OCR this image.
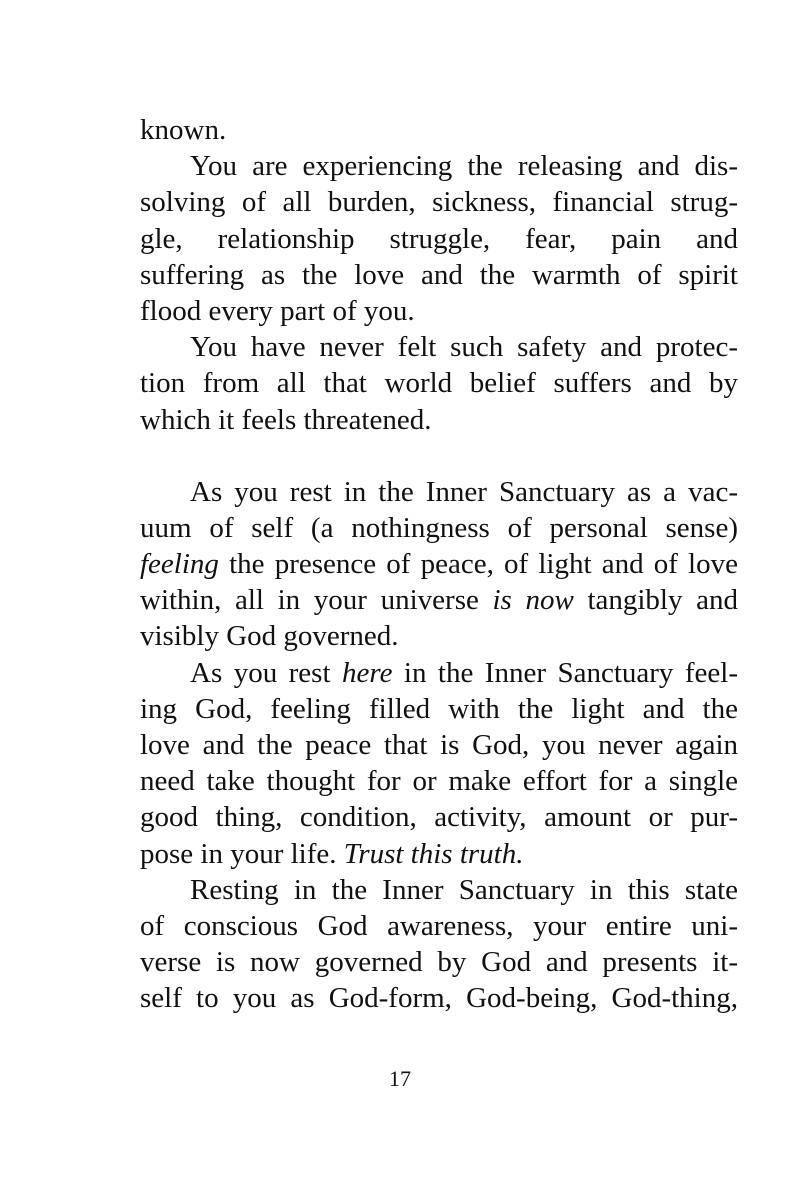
known.
You are experiencing the releasing and dis-
solving of all burden, sickness, financial strug-
gle, relationship struggle, fear, pain and
suffering as the love and the warmth of spirit
flood every part of you.
You have never felt such safety and protec-
tion from all that world belief suffers and by
which it feels threatened.
As you rest in the Inner Sanctuary as a vac-
uum of self (a nothingness of personal sense)
feeling the presence of peace, of light and of love
within, all in your universe is now tangibly and
visibly God governed.
As you rest here in the Inner Sanctuary feel-
ing God, feeling filled with the light and the
love and the peace that is God, you never again
need take thought for or make effort for a single
good thing, condition, activity, amount or pur-
pose in your life. Trust this truth.
Resting in the Inner Sanctuary in this state
of conscious God awareness, your entire uni-
verse is now governed by God and presents it-
self to you as God-form, God-being, God-thing,
17
